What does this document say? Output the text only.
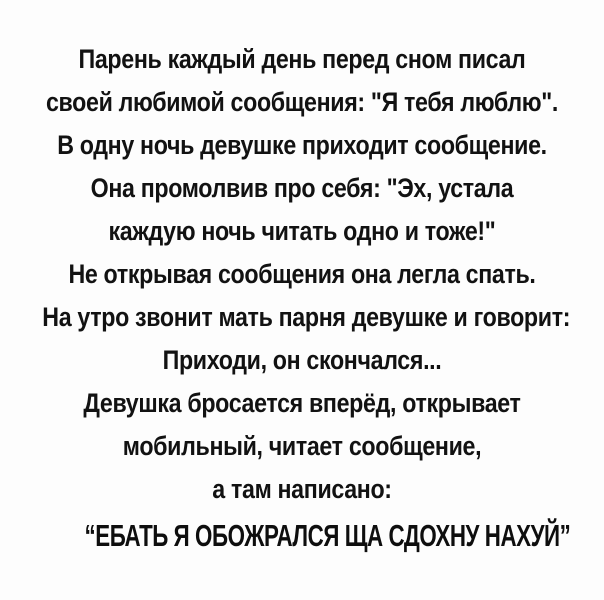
Парень каждый день перед сном писал
своей любимой сообщения: "Я тебя люблю".
В одну ночь девушке приходит сообщение.
Она промолвив про себя: "Эх, устала
каждую ночь читать одно и тоже!"
Не открывая сообщения она легла спать.
На утро звонит мать парня девушке и говорит:
Приходи, он скончался...
Девушка бросается вперёд, открывает
мобильный, читает сообщение,
а там написано:
“ЕБАТЬ Я ОБОЖРАЛСЯ ЩА СДОХНУ НАХУЙ”
